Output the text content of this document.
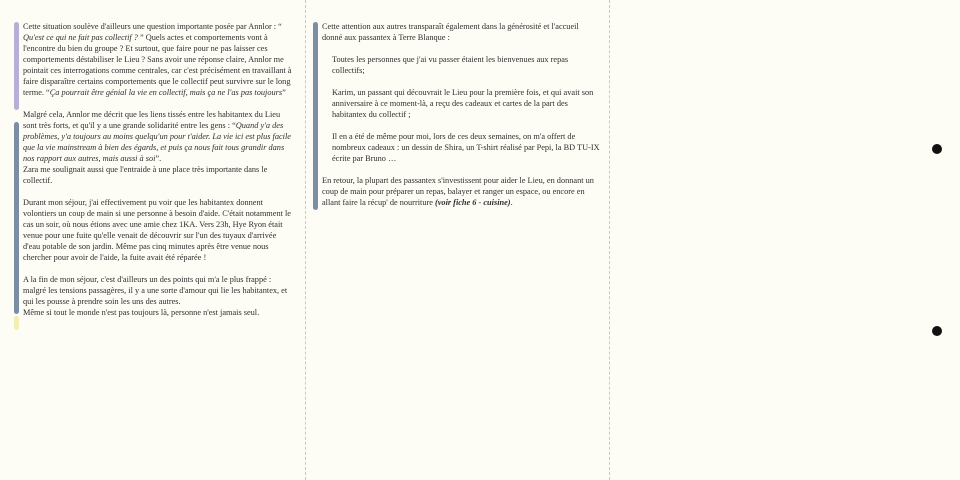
Cette situation soulève d'ailleurs une question importante posée par Annlor : “ Qu'est ce qui ne fait pas collectif ? ” Quels actes et comportements vont à l'encontre du bien du groupe ? Et surtout, que faire pour ne pas laisser ces comportements déstabiliser le Lieu ? Sans avoir une réponse claire, Annlor me pointait ces interrogations comme centrales, car c'est précisément en travaillant à faire disparaître certains comportements que le collectif peut survivre sur le long terme. “Ça pourrait être génial la vie en collectif, mais ça ne l'as pas toujours”

Malgré cela, Annlor me décrit que les liens tissés entre les habitantex du Lieu sont très forts, et qu'il y a une grande solidarité entre les gens : “Quand y'a des problèmes, y'a toujours au moins quelqu'un pour t'aider. La vie ici est plus facile que la vie mainstream à bien des égards, et puis ça nous fait tous grandir dans nos rapport aux autres, mais aussi à soi”.

Zara me soulignait aussi que l'entraide à une place très importante dans le collectif.

Durant mon séjour, j'ai effectivement pu voir que les habitantex donnent volontiers un coup de main si une personne à besoin d'aide. C'était notamment le cas un soir, où nous étions avec une amie chez 1KA. Vers 23h, Hye Ryon était venue pour une fuite qu'elle venait de découvrir sur l'un des tuyaux d'arrivée d'eau potable de son jardin. Même pas cinq minutes après être venue nous chercher pour avoir de l'aide, la fuite avait été réparée !

A la fin de mon séjour, c'est d'ailleurs un des points qui m'a le plus frappé : malgré les tensions passagères, il y a une sorte d'amour qui lie les habitantex, et qui les pousse à prendre soin les uns des autres.

Même si tout le monde n'est pas toujours là, personne n'est jamais seul.

Cette attention aux autres transparaît également dans la générosité et l'accueil donné aux passantex à Terre Blanque :

Toutes les personnes que j'ai vu passer étaient les bienvenues aux repas collectifs;

Karim, un passant qui découvrait le Lieu pour la première fois, et qui avait son anniversaire à ce moment-là, a reçu des cadeaux et cartes de la part des habitantex du collectif ;

Il en a été de même pour moi, lors de ces deux semaines, on m'a offert de nombreux cadeaux : un dessin de Shira, un T-shirt réalisé par Pepi, la BD TU-IX écrite par Bruno …

En retour, la plupart des passantex s'investissent pour aider le Lieu, en donnant un coup de main pour préparer un repas, balayer et ranger un espace, ou encore en allant faire la récup' de nourriture (voir fiche 6 - cuisine).
